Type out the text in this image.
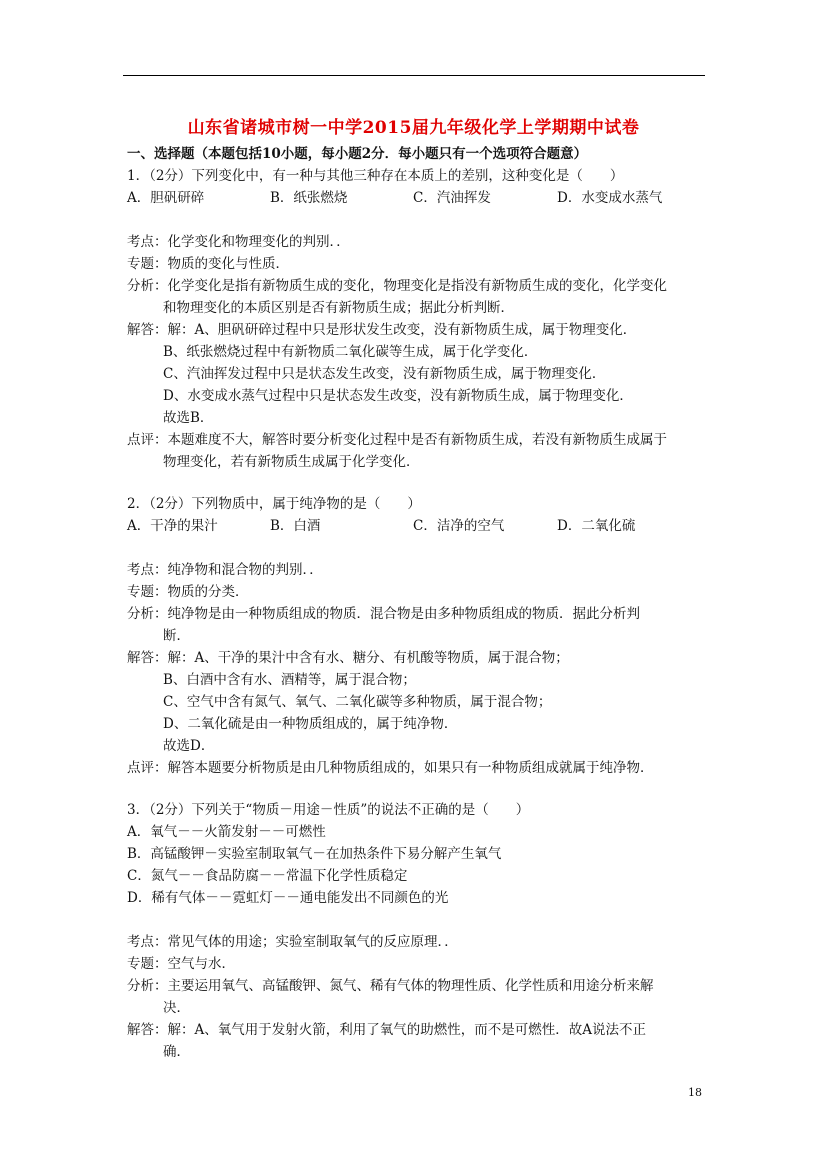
山东省诸城市树一中学2015届九年级化学上学期期中试卷
一、选择题（本题包括10小题，每小题2分．每小题只有一个选项符合题意）
1．（2分）下列变化中，有一种与其他三种存在本质上的差别，这种变化是（　　）
A．胆矾研碎	B．纸张燃烧	C．汽油挥发	D．水变成水蒸气
考点：化学变化和物理变化的判别．．
专题：物质的变化与性质．
分析：化学变化是指有新物质生成的变化，物理变化是指没有新物质生成的变化，化学变化
和物理变化的本质区别是否有新物质生成；据此分析判断．
解答：解：A、胆矾研碎过程中只是形状发生改变，没有新物质生成，属于物理变化．
B、纸张燃烧过程中有新物质二氧化碳等生成，属于化学变化．
C、汽油挥发过程中只是状态发生改变，没有新物质生成，属于物理变化．
D、水变成水蒸气过程中只是状态发生改变，没有新物质生成，属于物理变化．
故选B．
点评：本题难度不大，解答时要分析变化过程中是否有新物质生成，若没有新物质生成属于
物理变化，若有新物质生成属于化学变化．
2．（2分）下列物质中，属于纯净物的是（　　）
A．干净的果汁	B．白酒	C．洁净的空气	D．二氧化硫
考点：纯净物和混合物的判别．．
专题：物质的分类．
分析：纯净物是由一种物质组成的物质．混合物是由多种物质组成的物质．据此分析判
断．
解答：解：A、干净的果汁中含有水、糖分、有机酸等物质，属于混合物；
B、白酒中含有水、酒精等，属于混合物；
C、空气中含有氮气、氧气、二氧化碳等多种物质，属于混合物；
D、二氧化硫是由一种物质组成的，属于纯净物．
故选D．
点评：解答本题要分析物质是由几种物质组成的，如果只有一种物质组成就属于纯净物．
3．（2分）下列关于“物质－用途－性质”的说法不正确的是（　　）
A．氧气－－火箭发射－－可燃性
B．高锰酸钾－实验室制取氧气－在加热条件下易分解产生氧气
C．氮气－－食品防腐－－常温下化学性质稳定
D．稀有气体－－霓虹灯－－通电能发出不同颜色的光
考点：常见气体的用途；实验室制取氧气的反应原理．．
专题：空气与水．
分析：主要运用氧气、高锰酸钾、氮气、稀有气体的物理性质、化学性质和用途分析来解
决．
解答：解：A、氧气用于发射火箭，利用了氧气的助燃性，而不是可燃性．故A说法不正
确．
18
